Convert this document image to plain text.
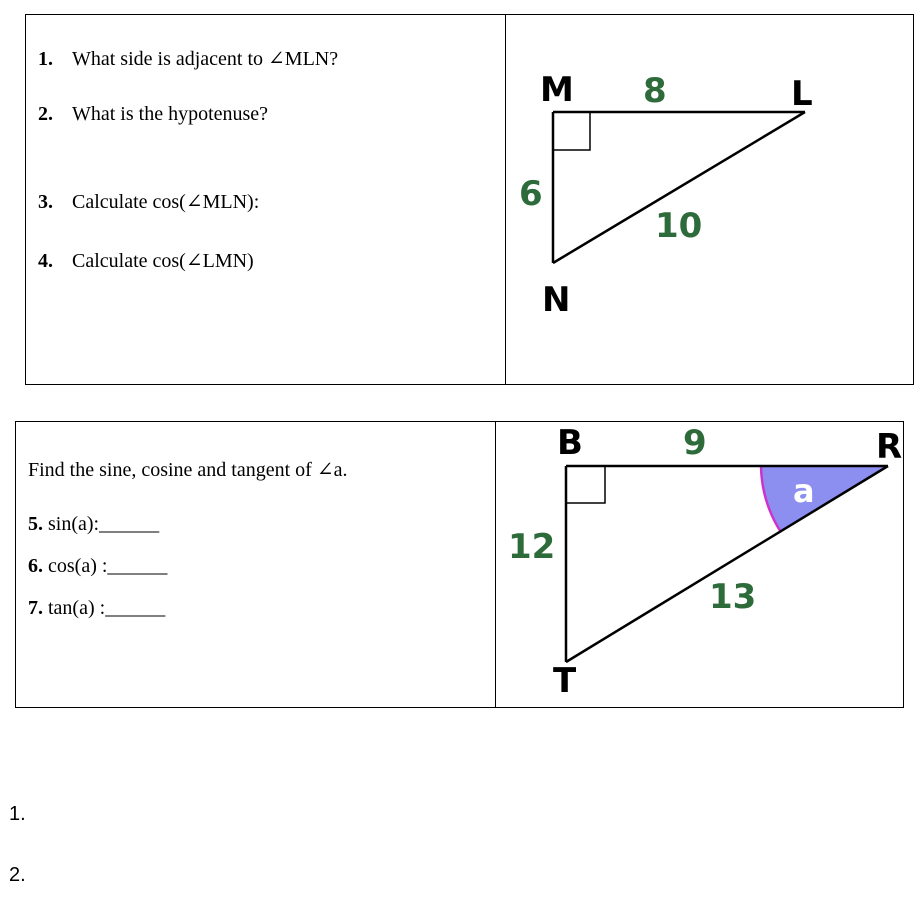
1. What side is adjacent to ∠MLN?
2. What is the hypotenuse?
3. Calculate cos(∠MLN):
4. Calculate cos(∠LMN)
M	L
N
8
6
10
Find the sine, cosine and tangent of ∠a.
5. sin(a):______
6. cos(a) :______
7. tan(a) :______
B	R
T
9
12
13
a
1.
2.
